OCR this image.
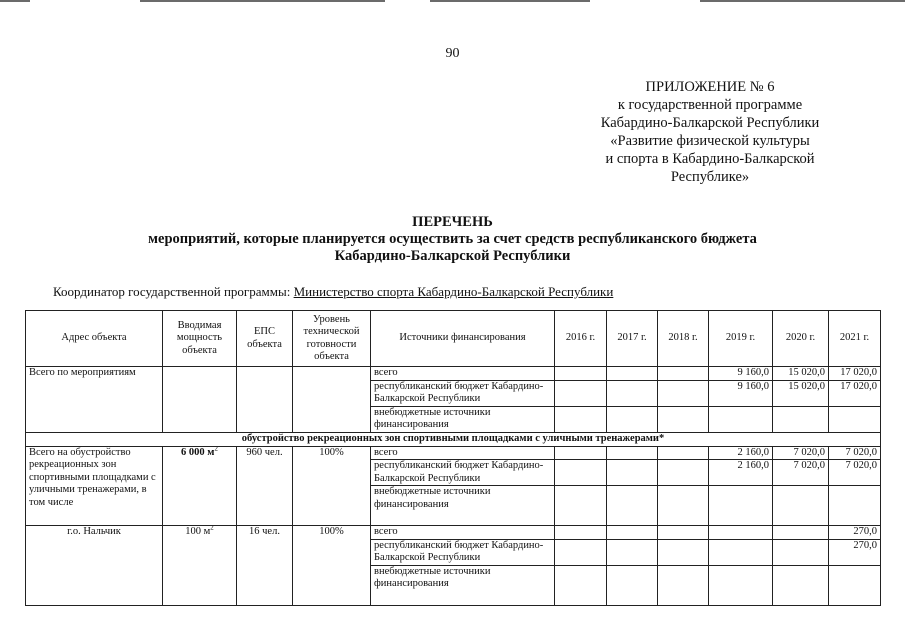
90
ПРИЛОЖЕНИЕ № 6
к государственной программе
Кабардино-Балкарской Республики
«Развитие физической культуры
и спорта в Кабардино-Балкарской
Республике»
ПЕРЕЧЕНЬ
мероприятий, которые планируется осуществить за счет средств республиканского бюджета
Кабардино-Балкарской Республики
Координатор государственной программы: Министерство спорта Кабардино-Балкарской Республики
Адрес объекта	Вводимая мощность объекта	ЕПС объекта	Уровень технической готовности объекта	Источники финансирования	2016 г.	2017 г.	2018 г.	2019 г.	2020 г.	2021 г.
Всего по мероприятиям				всего				9 160,0	15 020,0	17 020,0
				республиканский бюджет Кабардино-Балкарской Республики				9 160,0	15 020,0	17 020,0
				внебюджетные источники финансирования						
обустройство рекреационных зон спортивными площадками с уличными тренажерами*										
Всего на обустройство рекреационных зон спортивными площадками с уличными тренажерами, в том числе	6 000 $м^2$	960 чел.	100%	всего				2 160,0	7 020,0	7 020,0
				республиканский бюджет Кабардино-Балкарской Республики				2 160,0	7 020,0	7 020,0
				внебюджетные источники финансирования						
г.о. Нальчик	100 $м^2$	16 чел.	100%	всего						270,0
				республиканский бюджет Кабардино-Балкарской Республики						270,0
				внебюджетные источники финансирования						
